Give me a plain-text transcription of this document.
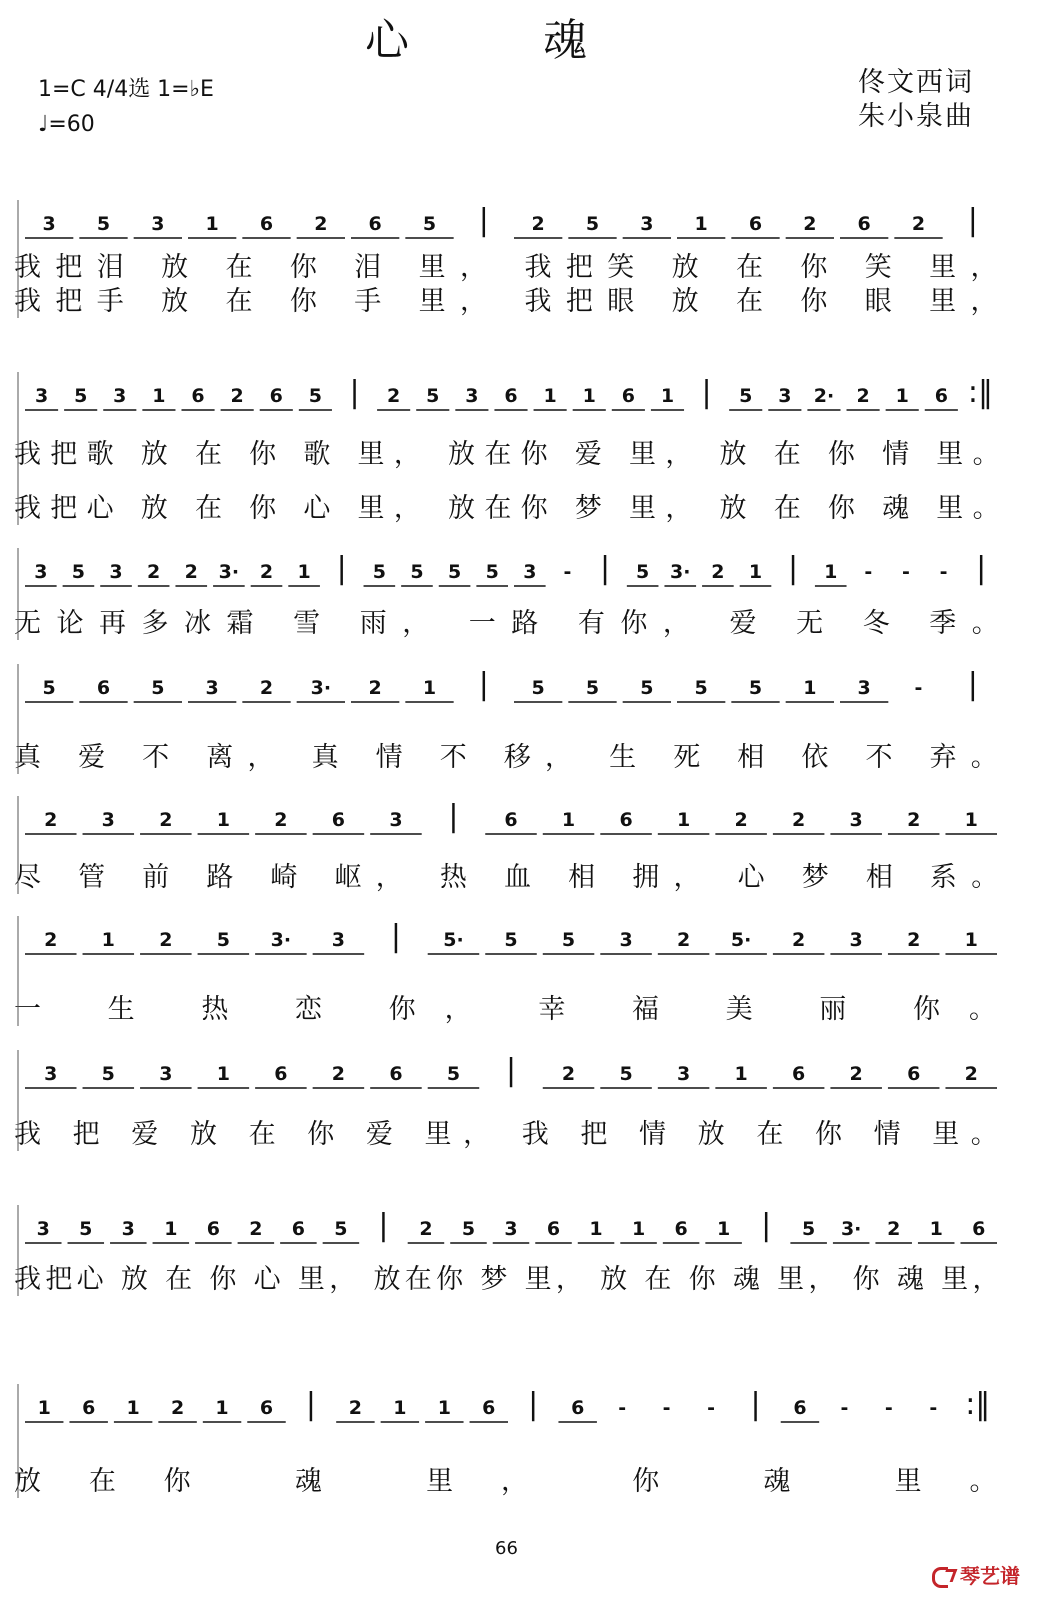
心 魂
1=C 4/4选 1=♭E
♩=60
佟文西词
朱小泉曲
3 5 3 1 6 2 6 5 | 2 5 3 1 6 2 6 2 |
3 5 3 1 6 2 6 5 | 2 5 3 6 1 1 6 1 | 5 3 2· 2 1 6 :‖
3 5 3 2 2 3· 2 1 | 5 5 5 5 3 - | 5 3· 2 1 | 1 - - - |
5 6 5 3 2 3· 2 1 | 5 5 5 5 5 1 3 - |
2 3 2 1 2 6 3 | 6 1 6 1 2 2 3 2 1
2 1 2 5 3· 3 | 5· 5 5 3 2 5· 2 3 2 1
3 5 3 1 6 2 6 5 | 2 5 3 1 6 2 6 2
3 5 3 1 6 2 6 5 | 2 5 3 6 1 1 6 1 | 5 3· 2 1 6
1 6 1 2 1 6 | 2 1 1 6 | 6 - - - | 6 - - - :‖
我把泪 放 在 你 泪 里， 我把笑 放 在 你 笑 里，
我把手 放 在 你 手 里， 我把眼 放 在 你 眼 里，
我把歌 放 在 你 歌 里， 放在你 爱 里， 放 在 你 情 里。
我把心 放 在 你 心 里， 放在你 梦 里， 放 在 你 魂 里。
无论再多冰霜 雪 雨， 一路 有你， 爱 无 冬 季。
真 爱 不 离， 真 情 不 移， 生 死 相 依 不 弃。
尽 管 前 路 崎 岖， 热 血 相 拥， 心 梦 相 系。
一 生 热 恋 你， 幸 福 美 丽 你。
我 把 爱 放 在 你 爱 里， 我 把 情 放 在 你 情 里。
我把心 放 在 你 心 里， 放在你 梦 里， 放 在 你 魂 里， 你 魂 里，
放在你 魂 里， 你 魂 里。
66
琴艺谱
